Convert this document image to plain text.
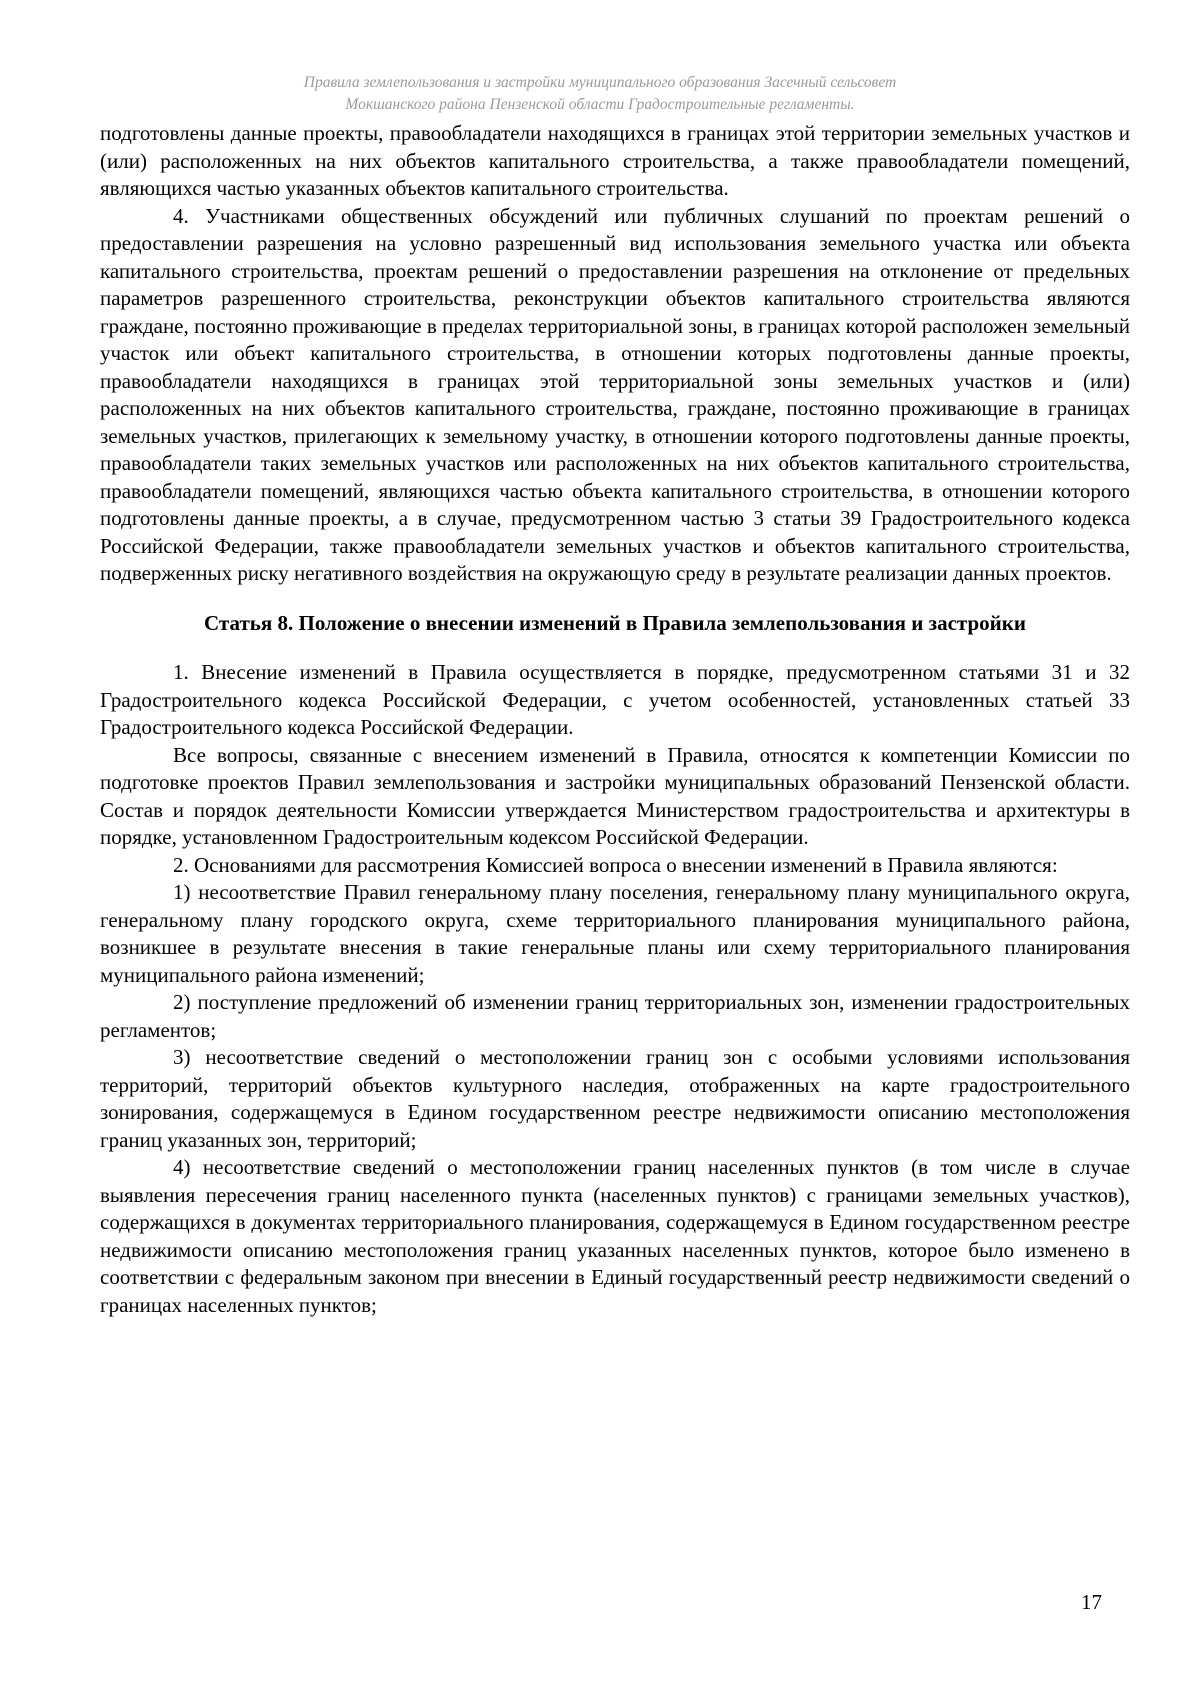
Правила землепользования и застройки муниципального образования Засечный сельсовет
Мокшанского района Пензенской области Градостроительные регламенты.

подготовлены данные проекты, правообладатели находящихся в границах этой территории земельных участков и (или) расположенных на них объектов капитального строительства, а также правообладатели помещений, являющихся частью указанных объектов капитального строительства.

4. Участниками общественных обсуждений или публичных слушаний по проектам решений о предоставлении разрешения на условно разрешенный вид использования земельного участка или объекта капитального строительства, проектам решений о предоставлении разрешения на отклонение от предельных параметров разрешенного строительства, реконструкции объектов капитального строительства являются граждане, постоянно проживающие в пределах территориальной зоны, в границах которой расположен земельный участок или объект капитального строительства, в отношении которых подготовлены данные проекты, правообладатели находящихся в границах этой территориальной зоны земельных участков и (или) расположенных на них объектов капитального строительства, граждане, постоянно проживающие в границах земельных участков, прилегающих к земельному участку, в отношении которого подготовлены данные проекты, правообладатели таких земельных участков или расположенных на них объектов капитального строительства, правообладатели помещений, являющихся частью объекта капитального строительства, в отношении которого подготовлены данные проекты, а в случае, предусмотренном частью 3 статьи 39 Градостроительного кодекса Российской Федерации, также правообладатели земельных участков и объектов капитального строительства, подверженных риску негативного воздействия на окружающую среду в результате реализации данных проектов.

Статья 8. Положение о внесении изменений в Правила землепользования и застройки

1. Внесение изменений в Правила осуществляется в порядке, предусмотренном статьями 31 и 32 Градостроительного кодекса Российской Федерации, с учетом особенностей, установленных статьей 33 Градостроительного кодекса Российской Федерации.

Все вопросы, связанные с внесением изменений в Правила, относятся к компетенции Комиссии по подготовке проектов Правил землепользования и застройки муниципальных образований Пензенской области. Состав и порядок деятельности Комиссии утверждается Министерством градостроительства и архитектуры в порядке, установленном Градостроительным кодексом Российской Федерации.

2. Основаниями для рассмотрения Комиссией вопроса о внесении изменений в Правила являются:

1) несоответствие Правил генеральному плану поселения, генеральному плану муниципального округа, генеральному плану городского округа, схеме территориального планирования муниципального района, возникшее в результате внесения в такие генеральные планы или схему территориального планирования муниципального района изменений;

2) поступление предложений об изменении границ территориальных зон, изменении градостроительных регламентов;

3) несоответствие сведений о местоположении границ зон с особыми условиями использования территорий, территорий объектов культурного наследия, отображенных на карте градостроительного зонирования, содержащемуся в Едином государственном реестре недвижимости описанию местоположения границ указанных зон, территорий;

4) несоответствие сведений о местоположении границ населенных пунктов (в том числе в случае выявления пересечения границ населенного пункта (населенных пунктов) с границами земельных участков), содержащихся в документах территориального планирования, содержащемуся в Едином государственном реестре недвижимости описанию местоположения границ указанных населенных пунктов, которое было изменено в соответствии с федеральным законом при внесении в Единый государственный реестр недвижимости сведений о границах населенных пунктов;

17
